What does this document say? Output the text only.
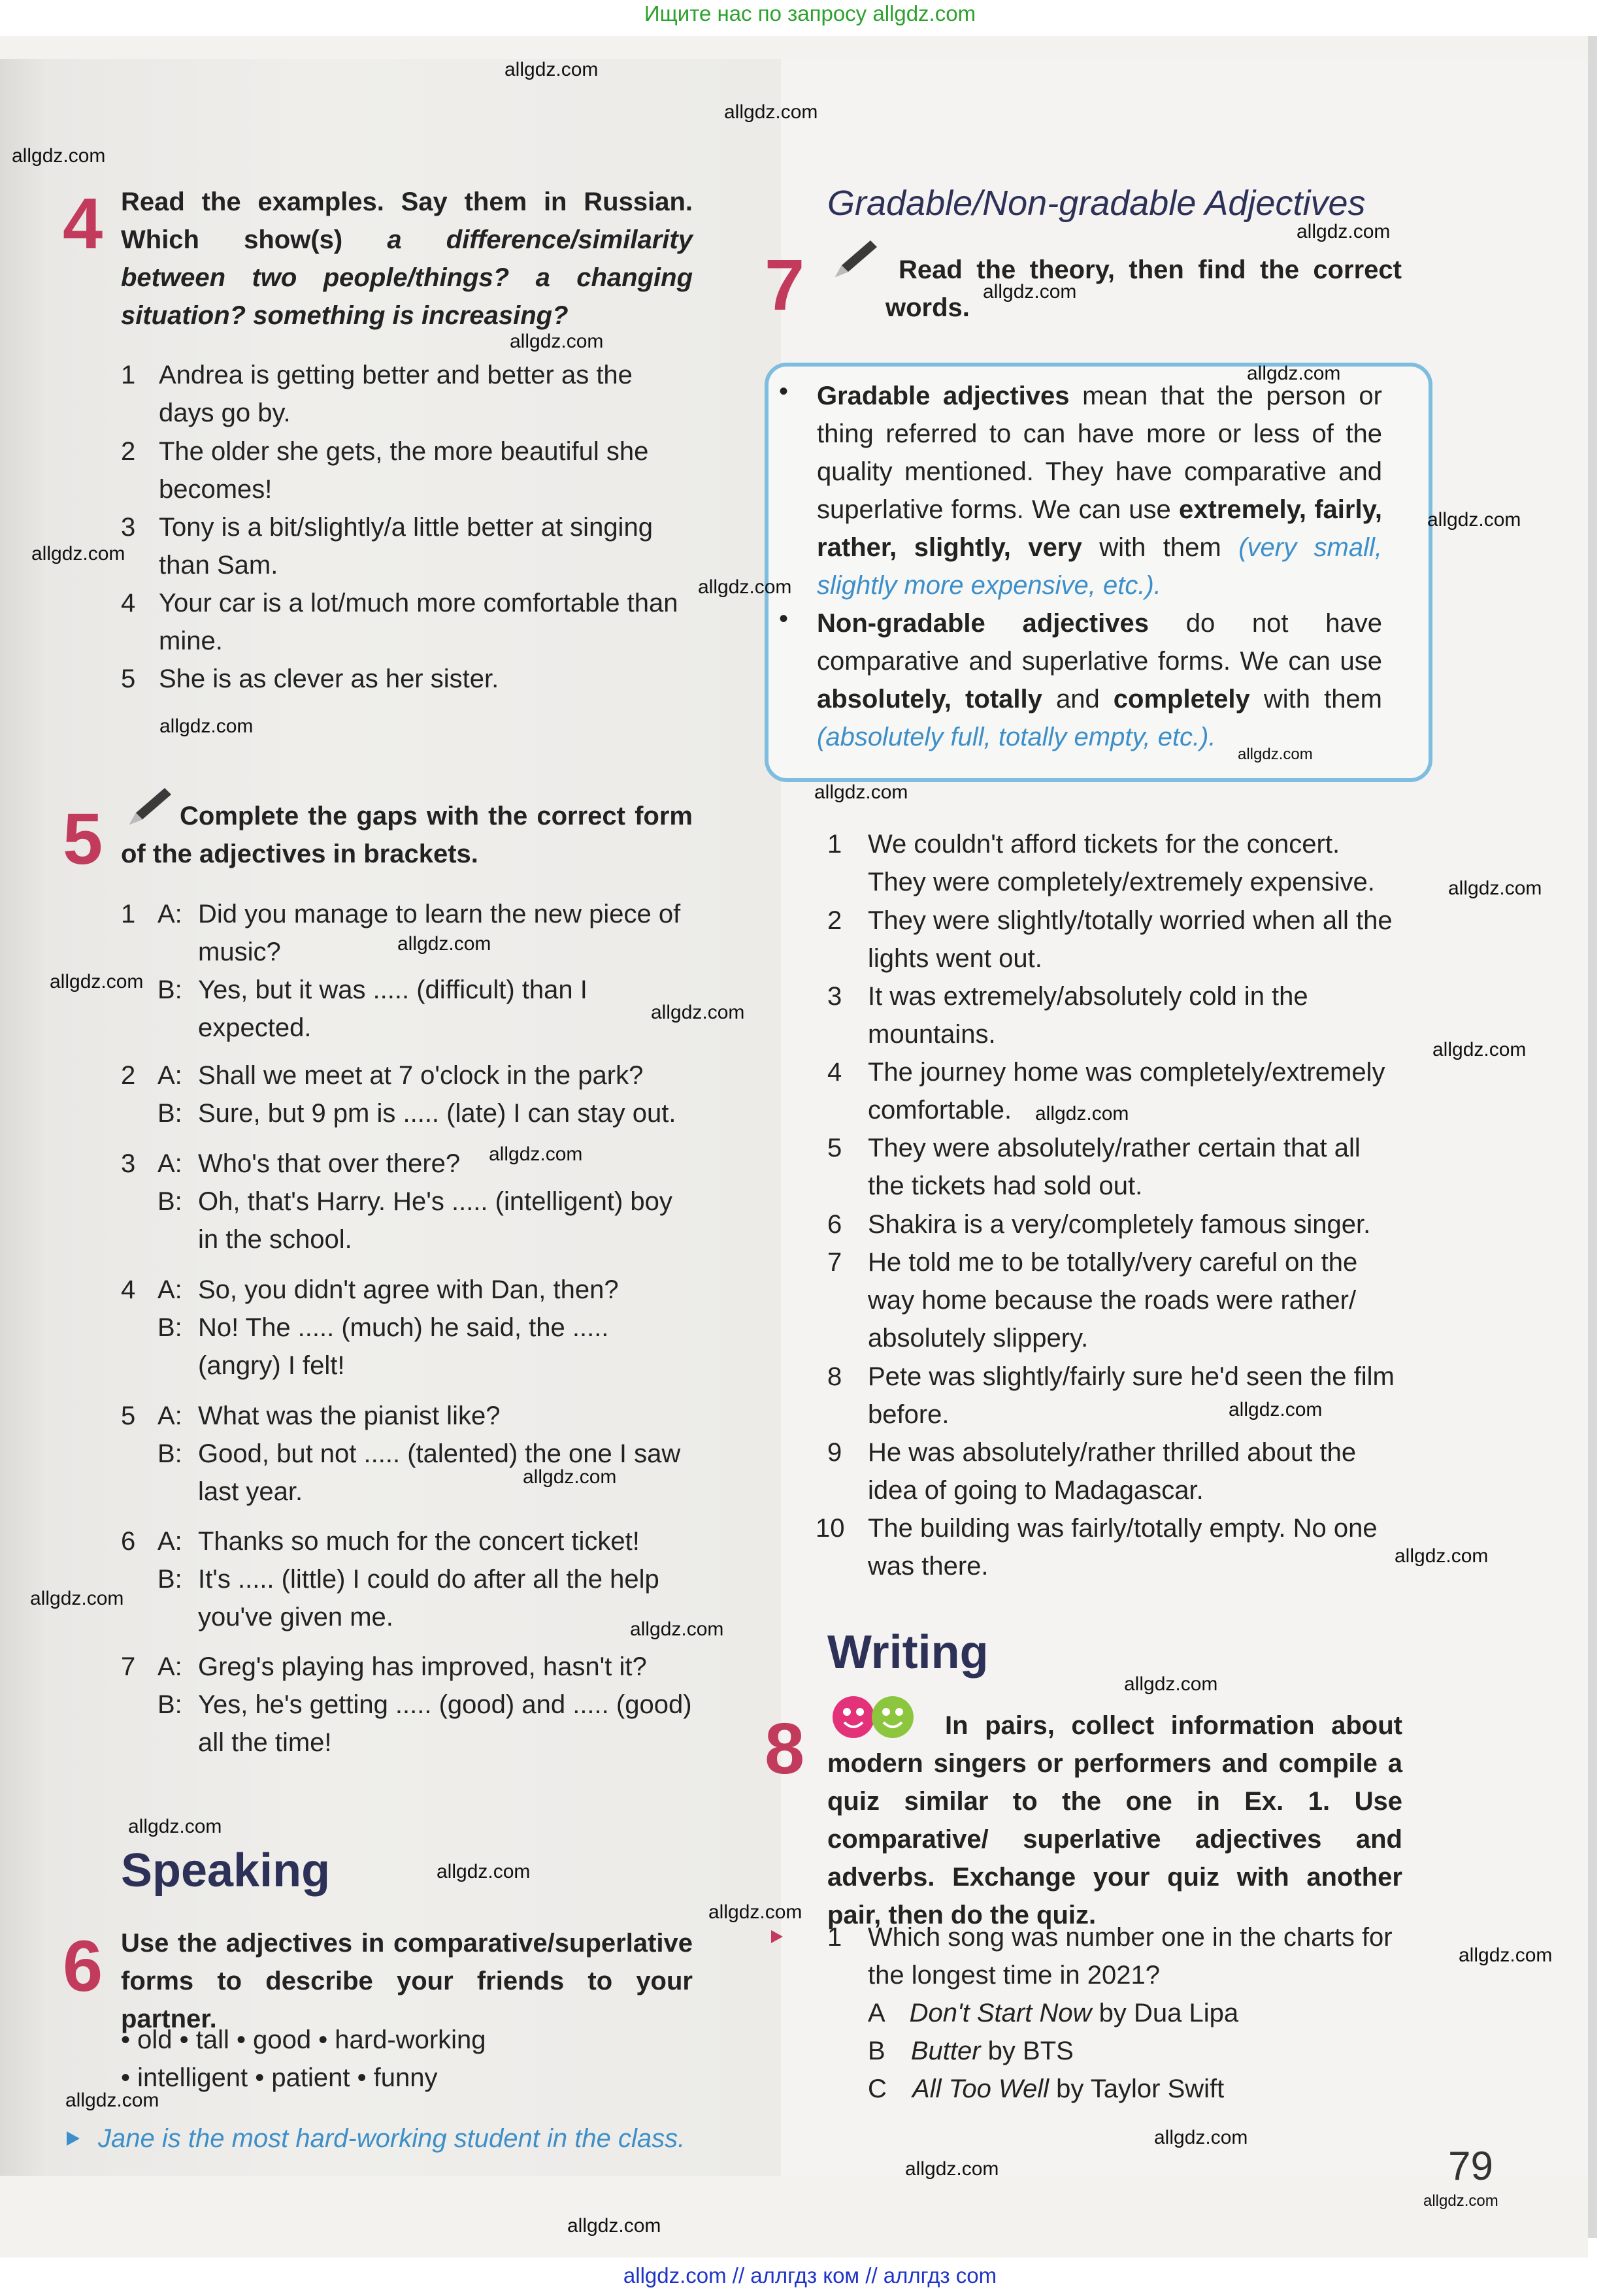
Ищите нас по запросу allgdz.com
4 Read the examples. Say them in Russian. Which show(s) a difference/similarity between two people/things? a changing situation? something is increasing?
1 Andrea is getting better and better as the days go by.
2 The older she gets, the more beautiful she becomes!
3 Tony is a bit/slightly/a little better at singing than Sam.
4 Your car is a lot/much more comfortable than mine.
5 She is as clever as her sister.
5	Complete the gaps with the correct form of the adjectives in brackets.
1 A: Did you manage to learn the new piece of music?
B: Yes, but it was ..... (difficult) than I expected.
2 A: Shall we meet at 7 o'clock in the park?
B: Sure, but 9 pm is ..... (late) I can stay out.
3 A: Who's that over there?
B: Oh, that's Harry. He's ..... (intelligent) boy in the school.
4 A: So, you didn't agree with Dan, then?
B: No! The ..... (much) he said, the ..... (angry) I felt!
5 A: What was the pianist like?
B: Good, but not ..... (talented) the one I saw last year.
6 A: Thanks so much for the concert ticket!
B: It's ..... (little) I could do after all the help you've given me.
7 A: Greg's playing has improved, hasn't it?
B: Yes, he's getting ..... (good) and ..... (good) all the time!
Speaking
6 Use the adjectives in comparative/superlative forms to describe your friends to your partner.
• old • tall • good • hard-working
• intelligent • patient • funny
Jane is the most hard-working student in the class.
Gradable/Non-gradable Adjectives
7	Read the theory, then find the correct words.
• Gradable adjectives mean that the person or thing referred to can have more or less of the quality mentioned. They have comparative and superlative forms. We can use extremely, fairly, rather, slightly, very with them (very small, slightly more expensive, etc.).
• Non-gradable adjectives do not have comparative and superlative forms. We can use absolutely, totally and completely with them (absolutely full, totally empty, etc.).
1 We couldn't afford tickets for the concert. They were completely/extremely expensive.
2 They were slightly/totally worried when all the lights went out.
3 It was extremely/absolutely cold in the mountains.
4 The journey home was completely/extremely comfortable.
5 They were absolutely/rather certain that all the tickets had sold out.
6 Shakira is a very/completely famous singer.
7 He told me to be totally/very careful on the way home because the roads were rather/ absolutely slippery.
8 Pete was slightly/fairly sure he'd seen the film before.
9 He was absolutely/rather thrilled about the idea of going to Madagascar.
10 The building was fairly/totally empty. No one was there.
Writing
8	In pairs, collect information about modern singers or performers and compile a quiz similar to the one in Ex. 1. Use comparative/ superlative adjectives and adverbs. Exchange your quiz with another pair, then do the quiz.
1 Which song was number one in the charts for the longest time in 2021?
A Don't Start Now by Dua Lipa
B Butter by BTS
C All Too Well by Taylor Swift
79
allgdz.com
allgdz.com
allgdz.com
allgdz.com
allgdz.com
allgdz.com
allgdz.com
allgdz.com
allgdz.com
allgdz.com
allgdz.com
allgdz.com
allgdz.com
allgdz.com
allgdz.com
allgdz.com
allgdz.com
allgdz.com
allgdz.com
allgdz.com
allgdz.com
allgdz.com
allgdz.com
allgdz.com
allgdz.com
allgdz.com
allgdz.com
allgdz.com
allgdz.com
allgdz.com
allgdz.com
allgdz.com
allgdz.com
allgdz.com
allgdz.com
allgdz.com // аллгдз ком // аллгдз com
